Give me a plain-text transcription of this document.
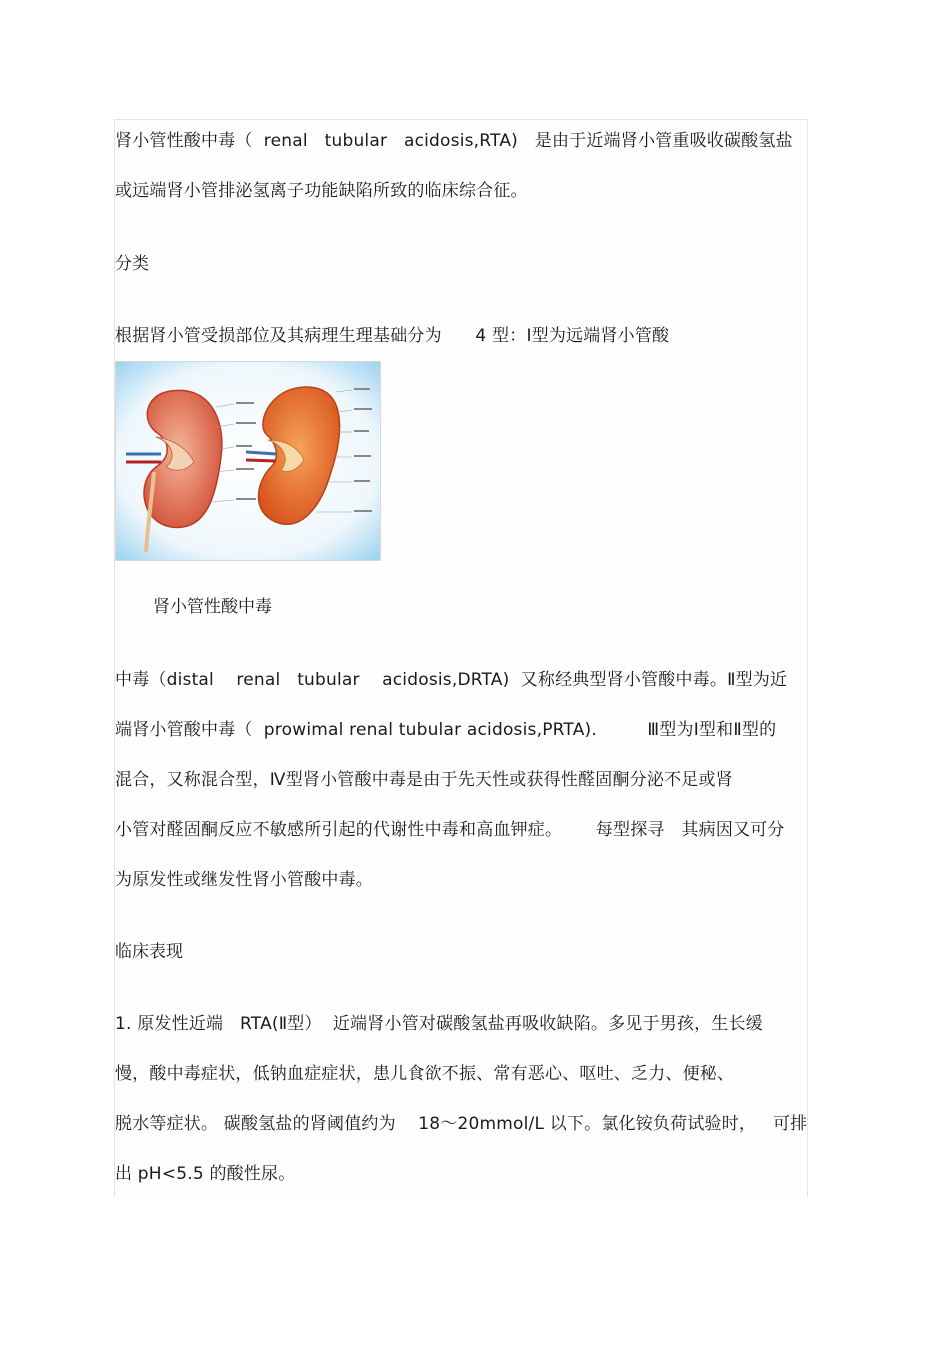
肾小管性酸中毒（  renal   tubular   acidosis,RTA)   是由于近端肾小管重吸收碳酸氢盐
或远端肾小管排泌氢离子功能缺陷所致的临床综合征。
分类
根据肾小管受损部位及其病理生理基础分为      4 型：Ⅰ型为远端肾小管酸
肾小管性酸中毒
中毒（distal    renal   tubular    acidosis,DRTA)  又称经典型肾小管酸中毒。Ⅱ型为近
端肾小管酸中毒（  prowimal renal tubular acidosis,PRTA).         Ⅲ型为Ⅰ型和Ⅱ型的
混合，又称混合型，Ⅳ型肾小管酸中毒是由于先天性或获得性醛固酮分泌不足或肾
小管对醛固酮反应不敏感所引起的代谢性中毒和高血钾症。      每型探寻   其病因又可分
为原发性或继发性肾小管酸中毒。
临床表现
1. 原发性近端   RTA(Ⅱ型）  近端肾小管对碳酸氢盐再吸收缺陷。多见于男孩，生长缓
慢，酸中毒症状，低钠血症症状，患儿食欲不振、常有恶心、呕吐、乏力、便秘、
脱水等症状。 碳酸氢盐的肾阈值约为    18～20mmol/L 以下。氯化铵负荷试验时，   可排
出 pH<5.5 的酸性尿。
